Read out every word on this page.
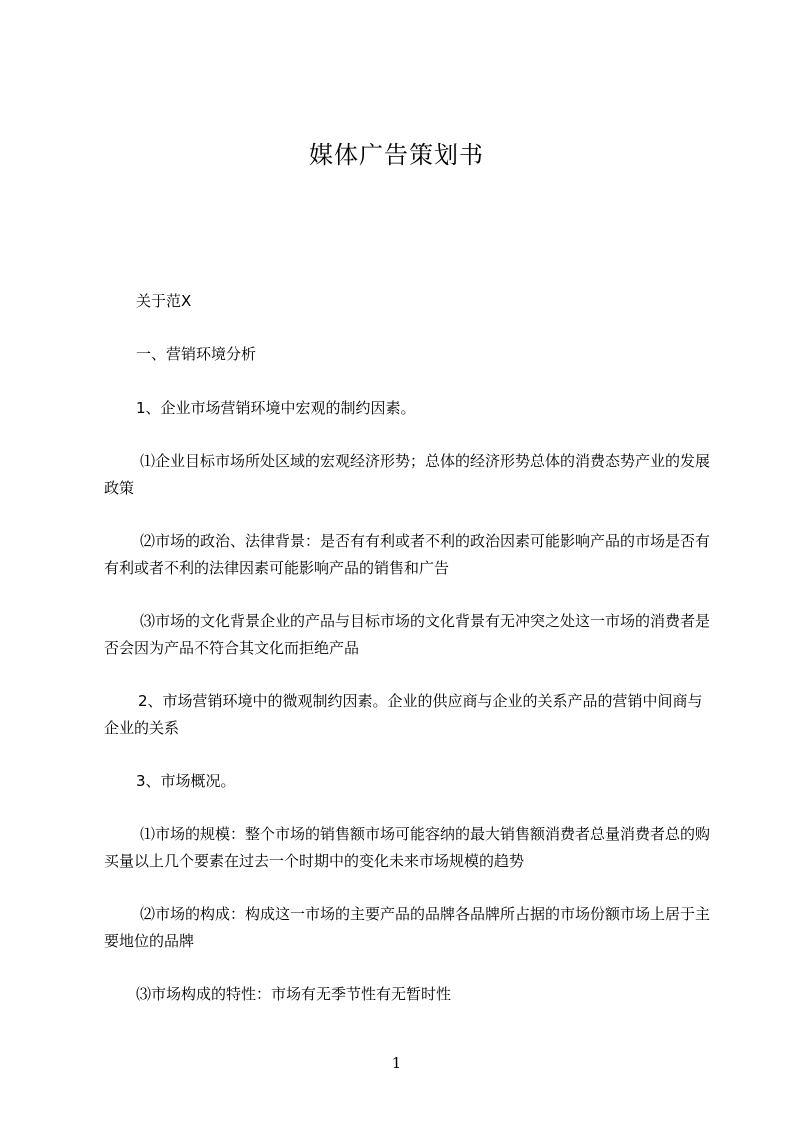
媒体广告策划书

关于范X

一、营销环境分析

1、企业市场营销环境中宏观的制约因素。

⑴企业目标市场所处区域的宏观经济形势；总体的经济形势总体的消费态势产业的发展政策

⑵市场的政治、法律背景：是否有有利或者不利的政治因素可能影响产品的市场是否有有利或者不利的法律因素可能影响产品的销售和广告

⑶市场的文化背景企业的产品与目标市场的文化背景有无冲突之处这一市场的消费者是否会因为产品不符合其文化而拒绝产品

2、市场营销环境中的微观制约因素。企业的供应商与企业的关系产品的营销中间商与企业的关系

3、市场概况。

⑴市场的规模：整个市场的销售额市场可能容纳的最大销售额消费者总量消费者总的购买量以上几个要素在过去一个时期中的变化未来市场规模的趋势

⑵市场的构成：构成这一市场的主要产品的品牌各品牌所占据的市场份额市场上居于主要地位的品牌

⑶市场构成的特性：市场有无季节性有无暂时性

1
